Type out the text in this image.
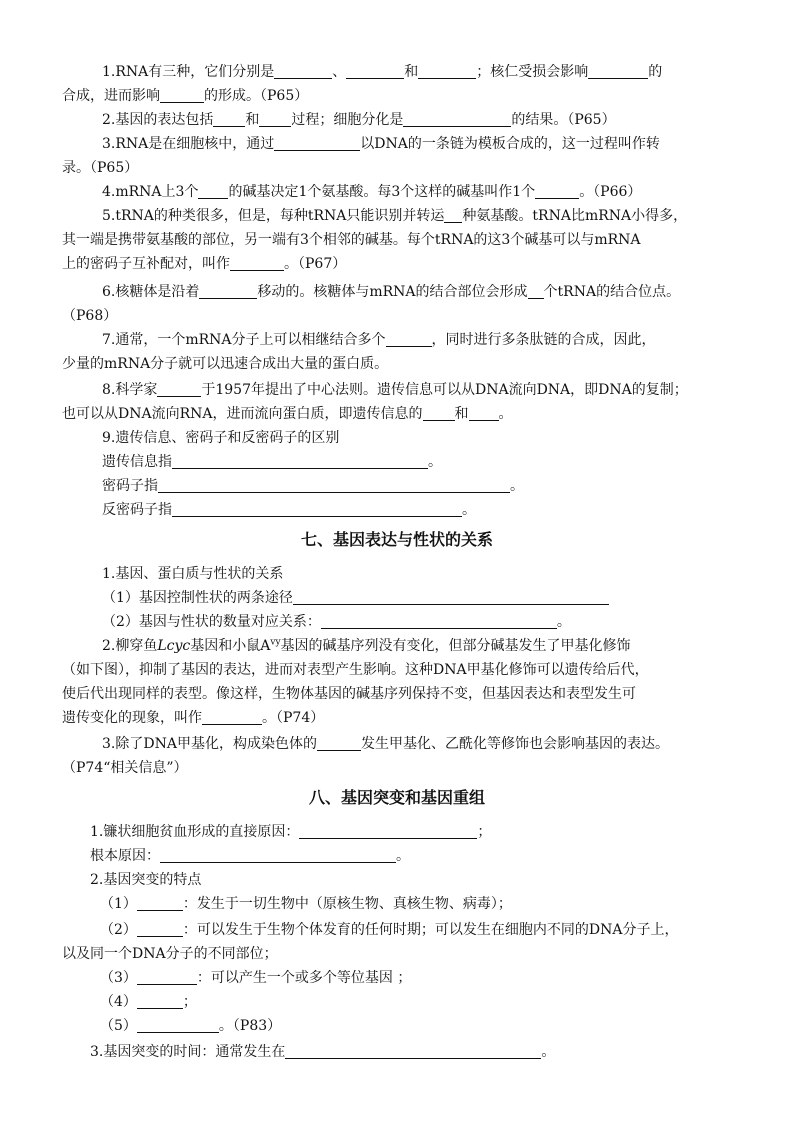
1.RNA有三种，它们分别是	、	和	；核仁受损会影响	的

合成，进而影响	的形成。（P65）

2.基因的表达包括 和 过程；细胞分化是	的结果。（P65）

3.RNA是在细胞核中，通过	以DNA的一条链为模板合成的，这一过程叫作转

录。（P65）

4.mRNA上3个 的碱基决定1个氨基酸。每3个这样的碱基叫作1个	。（P66）

5.tRNA的种类很多，但是，每种tRNA只能识别并转运 种氨基酸。tRNA比mRNA小得多，

其一端是携带氨基酸的部位，另一端有3个相邻的碱基。每个tRNA的这3个碱基可以与mRNA

上的密码子互补配对，叫作	。（P67）

6.核糖体是沿着	移动的。核糖体与mRNA的结合部位会形成 个tRNA的结合位点。

（P68）

7.通常，一个mRNA分子上可以相继结合多个	，同时进行多条肽链的合成，因此，

少量的mRNA分子就可以迅速合成出大量的蛋白质。

8.科学家	于1957年提出了中心法则。遗传信息可以从DNA流向DNA，即DNA的复制；

也可以从DNA流向RNA，进而流向蛋白质，即遗传信息的 和 。

9.遗传信息、密码子和反密码子的区别

遗传信息指	。

密码子指	。

反密码子指	。

七、基因表达与性状的关系

1.基因、蛋白质与性状的关系

（1）基因控制性状的两条途径

（2）基因与性状的数量对应关系：	。

2.柳穿鱼Lcyc基因和小鼠$A^{vy}$基因的碱基序列没有变化，但部分碱基发生了甲基化修饰

（如下图），抑制了基因的表达，进而对表型产生影响。这种DNA甲基化修饰可以遗传给后代，

使后代出现同样的表型。像这样，生物体基因的碱基序列保持不变，但基因表达和表型发生可

遗传变化的现象，叫作	。（P74）

3.除了DNA甲基化，构成染色体的	发生甲基化、乙酰化等修饰也会影响基因的表达。

（P74“相关信息”）

八、基因突变和基因重组

1.镰状细胞贫血形成的直接原因：	；

根本原因：	。

2.基因突变的特点

（1）	：发生于一切生物中（原核生物、真核生物、病毒）；

（2）	：可以发生于生物个体发育的任何时期；可以发生在细胞内不同的DNA分子上，

以及同一个DNA分子的不同部位；

（3）	：可以产生一个或多个等位基因 ；

（4）	；

（5）	。（P83）

3.基因突变的时间：通常发生在	。
